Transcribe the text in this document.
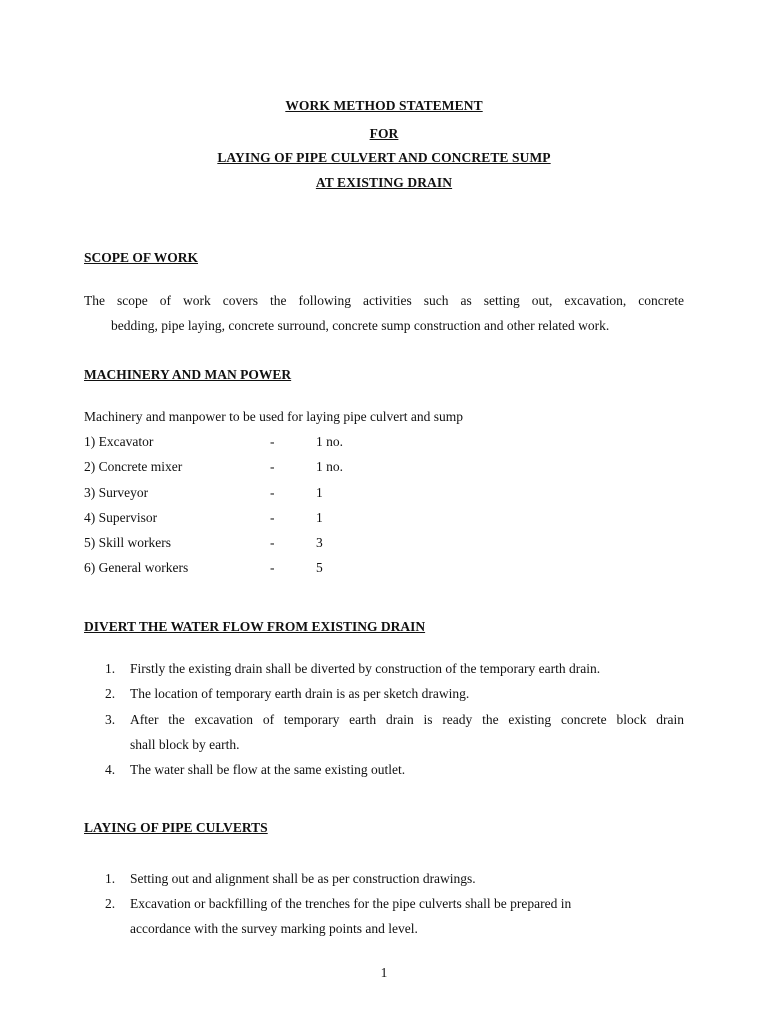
WORK METHOD STATEMENT
FOR
LAYING OF PIPE CULVERT AND CONCRETE SUMP
AT EXISTING DRAIN
SCOPE OF WORK
The scope of work covers the following activities such as setting out, excavation, concrete
bedding, pipe laying, concrete surround, concrete sump construction and other related work.
MACHINERY AND MAN POWER
Machinery and manpower to be used for laying pipe culvert and sump
1) Excavator	-	1 no.
2) Concrete mixer	-	1 no.
3) Surveyor	-	1
4) Supervisor	-	1
5) Skill workers	-	3
6) General workers	-	5
DIVERT THE WATER FLOW FROM EXISTING DRAIN
1. Firstly the existing drain shall be diverted by construction of the temporary earth drain.
2. The location of temporary earth drain is as per sketch drawing.
3. After the excavation of temporary earth drain is ready the existing concrete block drain
shall block by earth.
4. The water shall be flow at the same existing outlet.
LAYING OF PIPE CULVERTS
1. Setting out and alignment shall be as per construction drawings.
2. Excavation or backfilling of the trenches for the pipe culverts shall be prepared in
accordance with the survey marking points and level.
1
